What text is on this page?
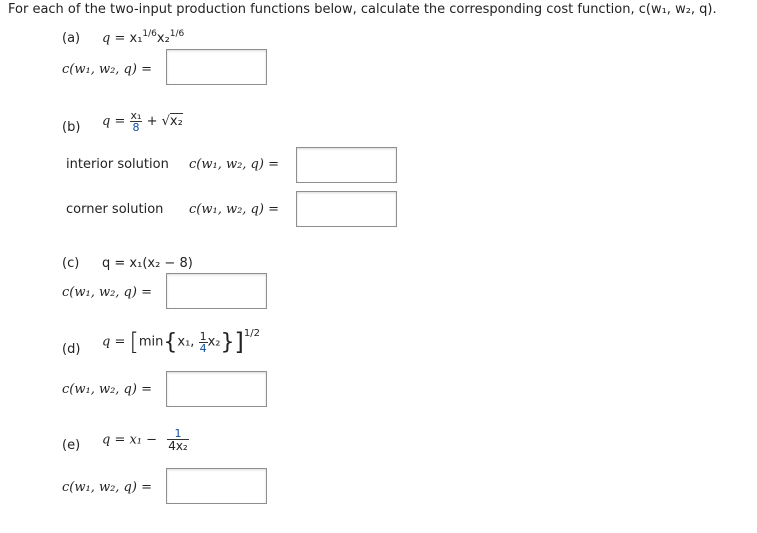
For each of the two-input production functions below, calculate the corresponding cost function, c(w₁, w₂, q).
(a) q = x₁$^{1/6}$x₂$^{1/6}$
c(w₁, w₂, q) =
(b) $q = \frac{\text{x₁}}{8} + √x_2$
interior solution c(w₁, w₂, q) =
corner solution c(w₁, w₂, q) =
(c) q = x₁(x₂ − 8)
c(w₁, w₂, q) =
(d) q = [min{x₁, $\frac{1}{4} x_2\}]^{1/2}$
c(w₁, w₂, q) =
(e) $q = x_1 - \frac{1}{\text{4x₂}}$
c(w₁, w₂, q) =
